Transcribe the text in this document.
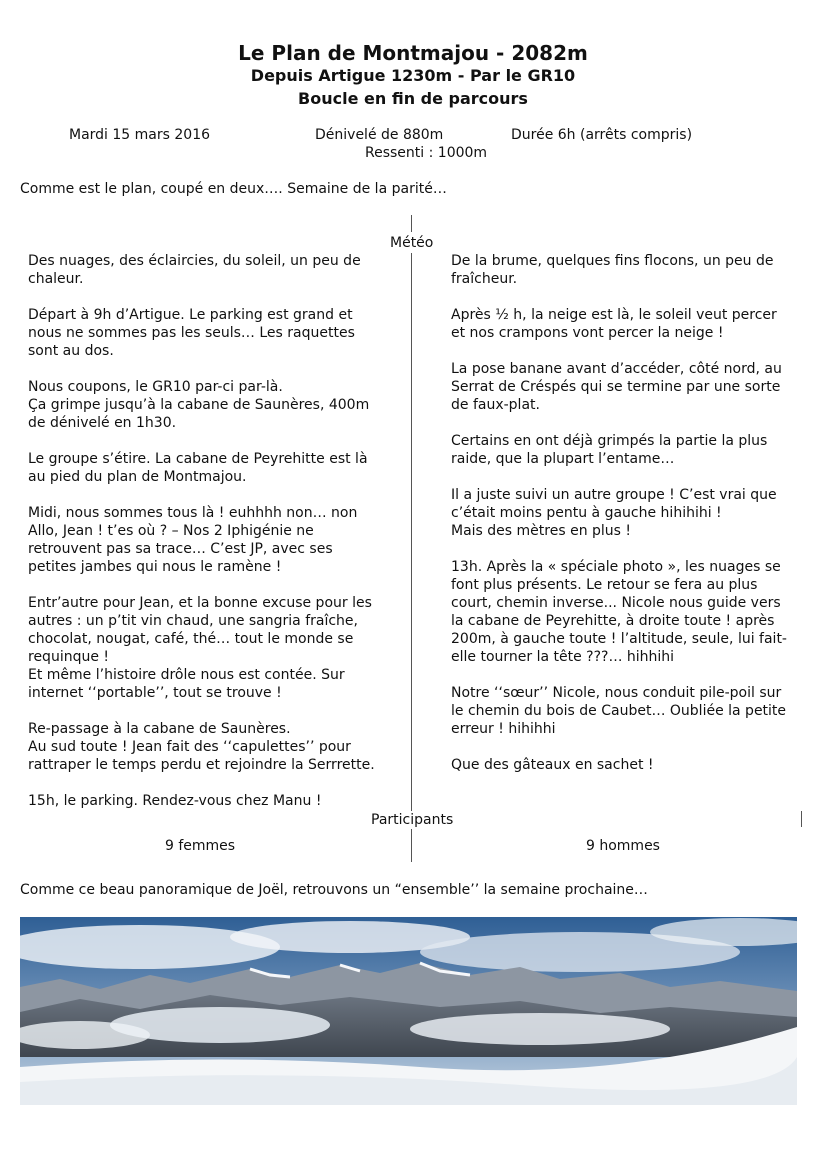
Le Plan de Montmajou - 2082m
Depuis Artigue 1230m - Par le GR10
Boucle en fin de parcours
Mardi 15 mars 2016	Dénivelé de 880m	Durée 6h (arrêts compris)
Ressenti : 1000m
Comme est le plan, coupé en deux…. Semaine de la parité…
Météo

Des nuages, des éclaircies, du soleil, un peu de
chaleur.

Départ à 9h d’Artigue. Le parking est grand et
nous ne sommes pas les seuls… Les raquettes
sont au dos.

Nous coupons, le GR10 par-ci par-là.
Ça grimpe jusqu’à la cabane de Saunères, 400m
de dénivelé en 1h30.

Le groupe s’étire. La cabane de Peyrehitte est là
au pied du plan de Montmajou.

Midi, nous sommes tous là ! euhhhh non… non
Allo, Jean ! t’es où ? – Nos 2 Iphigénie ne
retrouvent pas sa trace… C’est JP, avec ses
petites jambes qui nous le ramène !

Entr’autre pour Jean, et la bonne excuse pour les
autres : un p’tit vin chaud, une sangria fraîche,
chocolat, nougat, café, thé… tout le monde se
requinque !
Et même l’histoire drôle nous est contée. Sur
internet ‘‘portable’’, tout se trouve !

Re-passage à la cabane de Saunères.
Au sud toute ! Jean fait des ‘‘capulettes’’ pour
rattraper le temps perdu et rejoindre la Serrrette.

15h, le parking. Rendez-vous chez Manu !

De la brume, quelques fins flocons, un peu de
fraîcheur.

Après ½ h, la neige est là, le soleil veut percer
et nos crampons vont percer la neige !

La pose banane avant d’accéder, côté nord, au
Serrat de Créspés qui se termine par une sorte
de faux-plat.

Certains en ont déjà grimpés la partie la plus
raide, que la plupart l’entame…

Il a juste suivi un autre groupe ! C’est vrai que
c’était moins pentu à gauche hihihihi !
Mais des mètres en plus !

13h. Après la « spéciale photo », les nuages se
font plus présents. Le retour se fera au plus
court, chemin inverse... Nicole nous guide vers
la cabane de Peyrehitte, à droite toute ! après
200m, à gauche toute ! l’altitude, seule, lui fait-
elle tourner la tête ???… hihhihi

Notre ‘‘sœur’’ Nicole, nous conduit pile-poil sur
le chemin du bois de Caubet… Oubliée la petite
erreur ! hihihhi

Que des gâteaux en sachet !

Participants
9 femmes	9 hommes
Comme ce beau panoramique de Joël, retrouvons un “ensemble’’ la semaine prochaine…
